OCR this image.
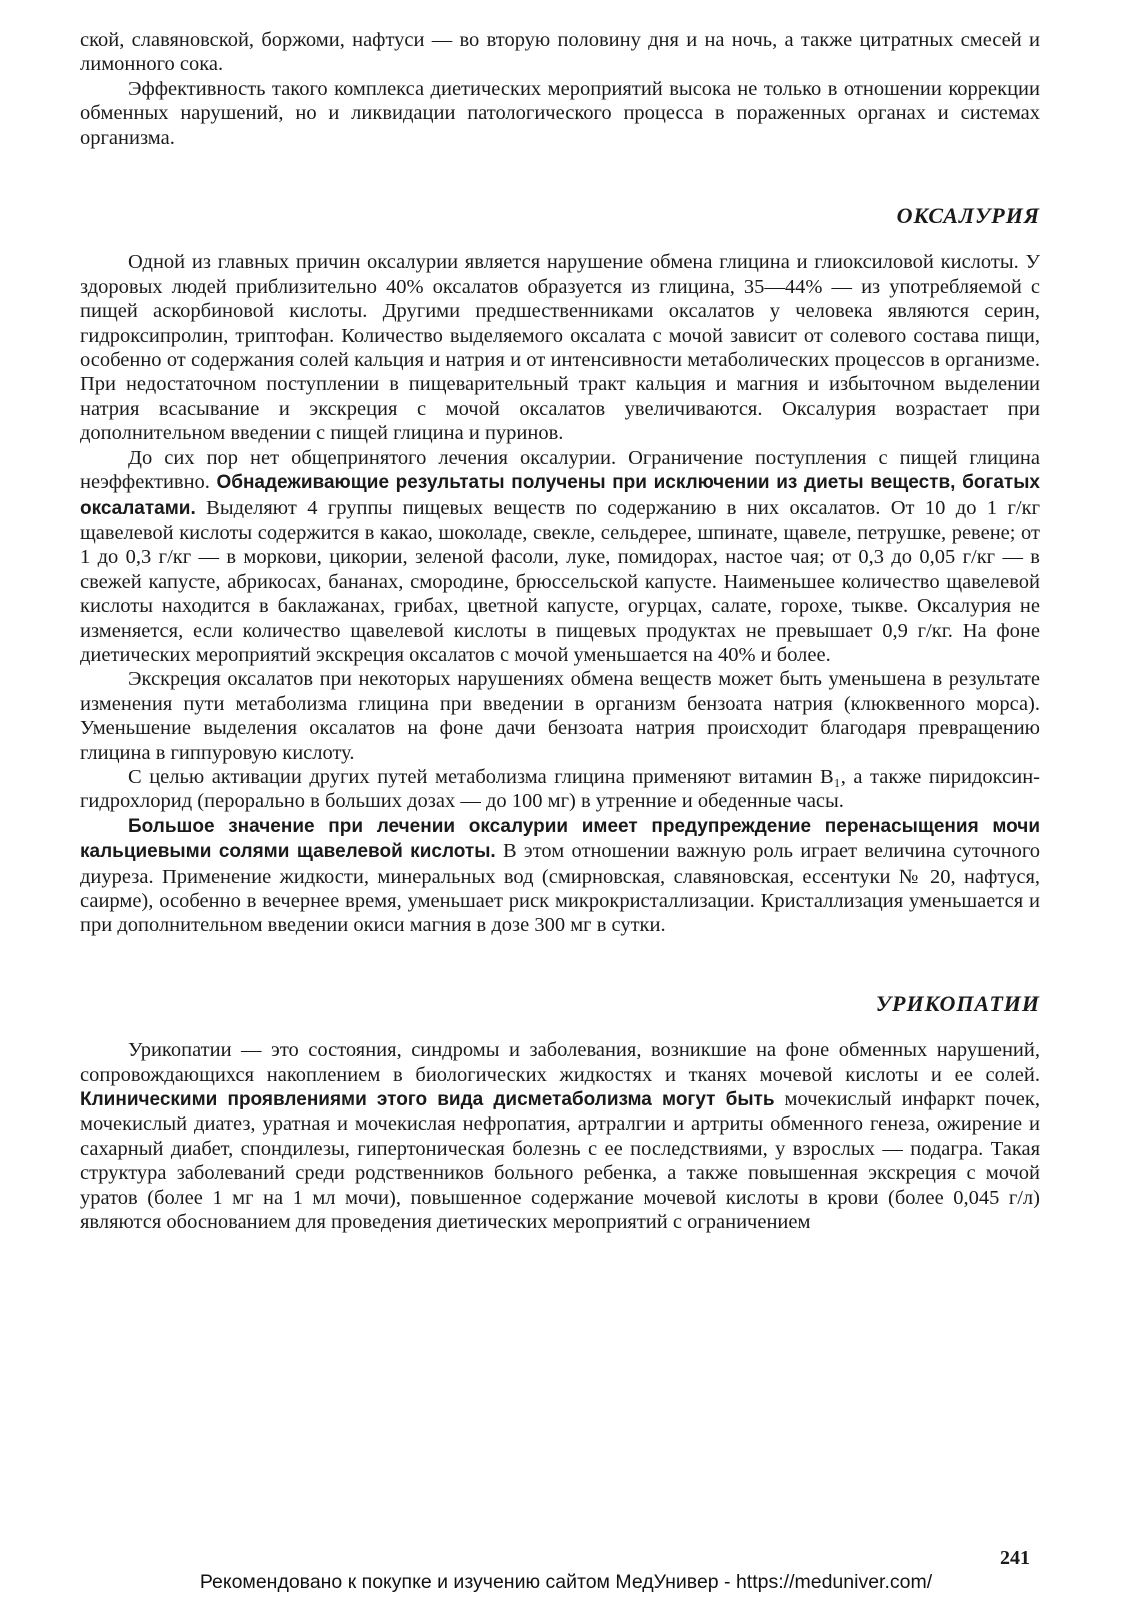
ской, славяновской, боржоми, нафтуси — во вторую половину дня и на ночь, а также цитратных смесей и лимонного сока.

Эффективность такого комплекса диетических мероприятий высока не только в отношении коррекции обменных нарушений, но и ликвидации патологического процесса в пораженных органах и системах организма.

ОКСАЛУРИЯ

Одной из главных причин оксалурии является нарушение обмена глицина и глиоксиловой кислоты. У здоровых людей приблизительно 40% оксалатов образуется из глицина, 35—44% — из употребляемой с пищей аскорбиновой кислоты. Другими предшественниками оксалатов у человека являются серин, гидроксипролин, триптофан. Количество выделяемого оксалата с мочой зависит от солевого состава пищи, особенно от содержания солей кальция и натрия и от интенсивности метаболических процессов в организме. При недостаточном поступлении в пищеварительный тракт кальция и магния и избыточном выделении натрия всасывание и экскреция с мочой оксалатов увеличиваются. Оксалурия возрастает при дополнительном введении с пищей глицина и пуринов.

До сих пор нет общепринятого лечения оксалурии. Ограничение поступления с пищей глицина неэффективно. Обнадеживающие результаты получены при исключении из диеты веществ, богатых оксалатами. Выделяют 4 группы пищевых веществ по содержанию в них оксалатов. От 10 до 1 г/кг щавелевой кислоты содержится в какао, шоколаде, свекле, сельдерее, шпинате, щавеле, петрушке, ревене; от 1 до 0,3 г/кг — в моркови, цикории, зеленой фасоли, луке, помидорах, настое чая; от 0,3 до 0,05 г/кг — в свежей капусте, абрикосах, бананах, смородине, брюссельской капусте. Наименьшее количество щавелевой кислоты находится в баклажанах, грибах, цветной капусте, огурцах, салате, горохе, тыкве. Оксалурия не изменяется, если количество щавелевой кислоты в пищевых продуктах не превышает 0,9 г/кг. На фоне диетических мероприятий экскреция оксалатов с мочой уменьшается на 40% и более.

Экскреция оксалатов при некоторых нарушениях обмена веществ может быть уменьшена в результате изменения пути метаболизма глицина при введении в организм бензоата натрия (клюквенного морса). Уменьшение выделения оксалатов на фоне дачи бензоата натрия происходит благодаря превращению глицина в гиппуровую кислоту.

С целью активации других путей метаболизма глицина применяют витамин B₁, а также пиридоксин-гидрохлорид (перорально в больших дозах — до 100 мг) в утренние и обеденные часы.

Большое значение при лечении оксалурии имеет предупреждение перенасыщения мочи кальциевыми солями щавелевой кислоты. В этом отношении важную роль играет величина суточного диуреза. Применение жидкости, минеральных вод (смирновская, славяновская, ессентуки № 20, нафтуся, саирме), особенно в вечернее время, уменьшает риск микрокристаллизации. Кристаллизация уменьшается и при дополнительном введении окиси магния в дозе 300 мг в сутки.

УРИКОПАТИИ

Урикопатии — это состояния, синдромы и заболевания, возникшие на фоне обменных нарушений, сопровождающихся накоплением в биологических жидкостях и тканях мочевой кислоты и ее солей. Клиническими проявлениями этого вида дисметаболизма могут быть мочекислый инфаркт почек, мочекислый диатез, уратная и мочекислая нефропатия, артралгии и артриты обменного генеза, ожирение и сахарный диабет, спондилезы, гипертоническая болезнь с ее последствиями, у взрослых — подагра. Такая структура заболеваний среди родственников больного ребенка, а также повышенная экскреция с мочой уратов (более 1 мг на 1 мл мочи), повышенное содержание мочевой кислоты в крови (более 0,045 г/л) являются обоснованием для проведения диетических мероприятий с ограничением

241
Рекомендовано к покупке и изучению сайтом МедУнивер - https://meduniver.com/
